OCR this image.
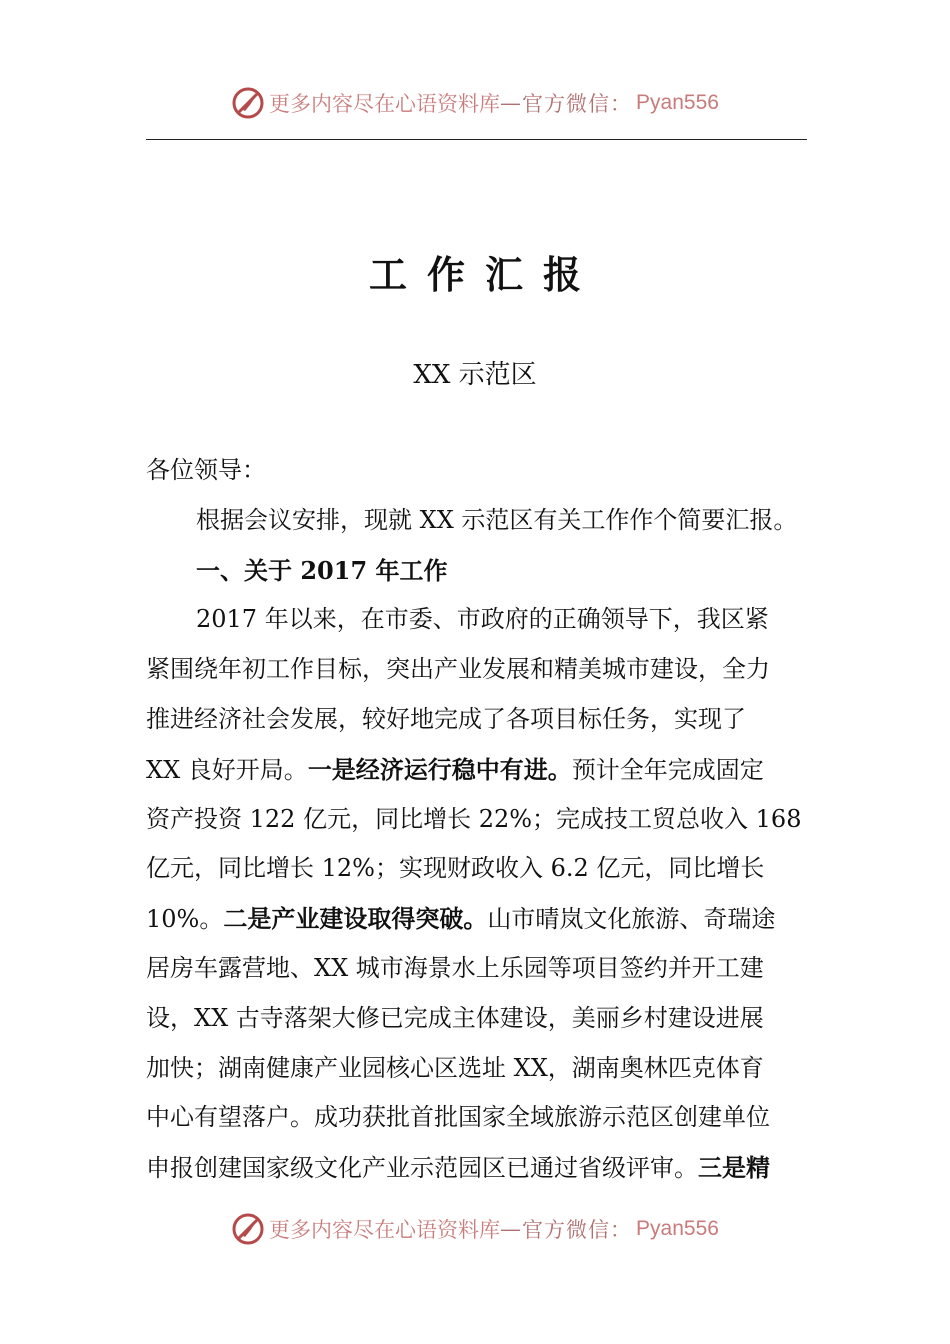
更多内容尽在心语资料库 — 官方微信： Pyan556
工作汇报
XX 示范区
各位领导：
根据会议安排，现就 XX 示范区有关工作作个简要汇报。
一、关于 2017 年工作
2017 年以来，在市委、市政府的正确领导下，我区紧
紧围绕年初工作目标，突出产业发展和精美城市建设，全力
推进经济社会发展，较好地完成了各项目标任务，实现了
XX 良好开局。一是经济运行稳中有进。预计全年完成固定
资产投资 122 亿元，同比增长 22%；完成技工贸总收入 168
亿元，同比增长 12%；实现财政收入 6.2 亿元，同比增长
10%。二是产业建设取得突破。山市晴岚文化旅游、奇瑞途
居房车露营地、XX 城市海景水上乐园等项目签约并开工建
设，XX 古寺落架大修已完成主体建设，美丽乡村建设进展
加快；湖南健康产业园核心区选址 XX，湖南奥林匹克体育
中心有望落户。成功获批首批国家全域旅游示范区创建单位
申报创建国家级文化产业示范园区已通过省级评审。三是精
更多内容尽在心语资料库 — 官方微信： Pyan556
